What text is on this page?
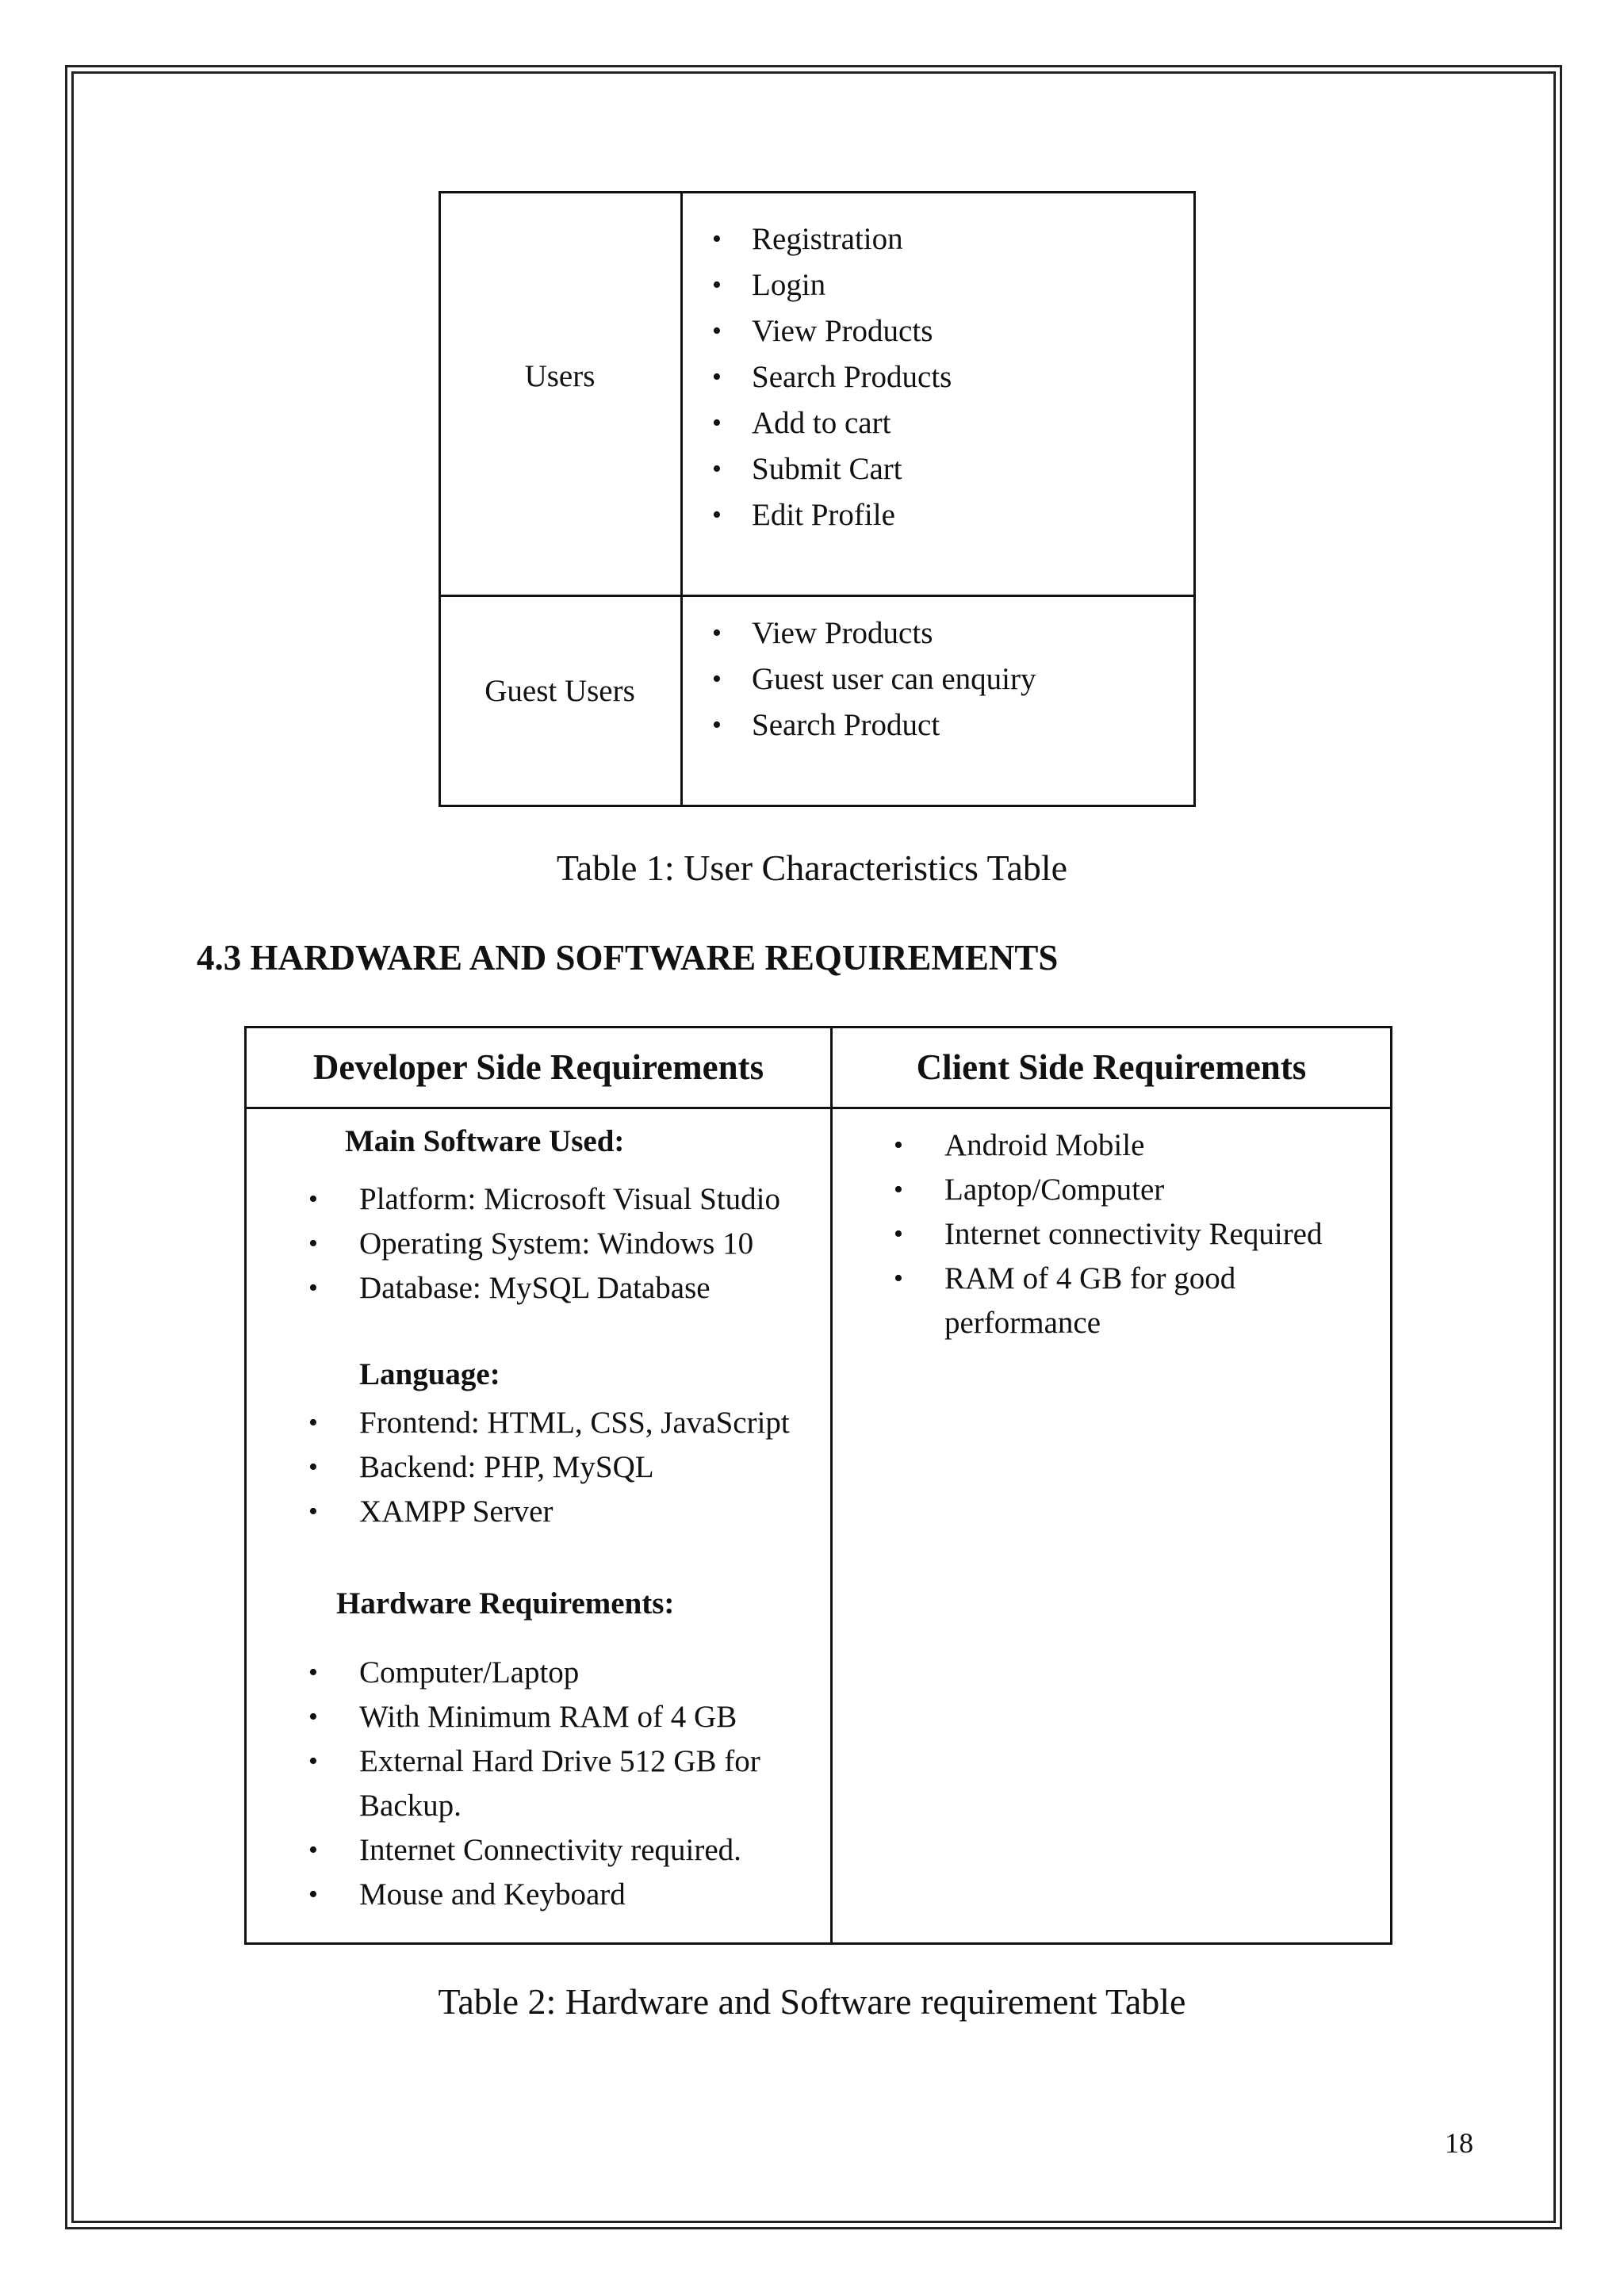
Users
• Registration
• Login
• View Products
• Search Products
• Add to cart
• Submit Cart
• Edit Profile
Guest Users
• View Products
• Guest user can enquiry
• Search Product
Table 1: User Characteristics Table
4.3 HARDWARE AND SOFTWARE REQUIREMENTS
Developer Side Requirements	Client Side Requirements
Main Software Used:
• Platform: Microsoft Visual Studio
• Operating System: Windows 10
• Database: MySQL Database
Language:
• Frontend: HTML, CSS, JavaScript
• Backend: PHP, MySQL
• XAMPP Server
Hardware Requirements:
• Computer/Laptop
• With Minimum RAM of 4 GB
• External Hard Drive 512 GB for Backup.
• Internet Connectivity required.
• Mouse and Keyboard
• Android Mobile
• Laptop/Computer
• Internet connectivity Required
• RAM of 4 GB for good performance
Table 2: Hardware and Software requirement Table
18
